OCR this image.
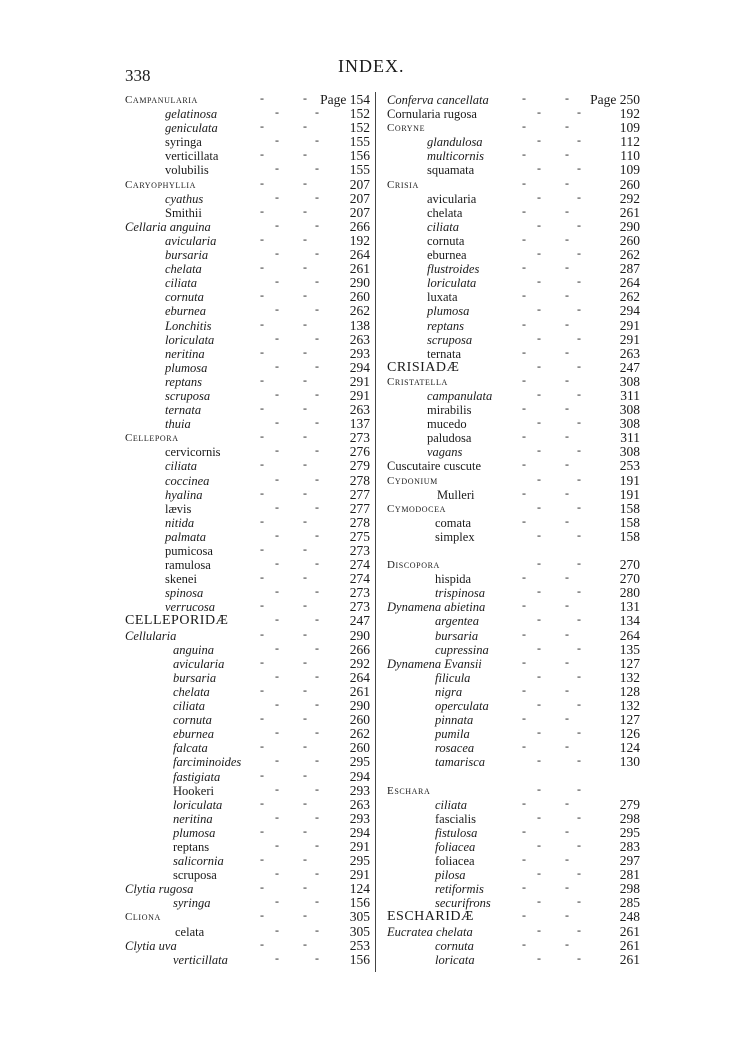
338	INDEX.
Campanularia	-	- Page 154
gelatinosa	-	- 152
geniculata	-	-	152
syringa	-	- 155
verticillata	-	-	156
volubilis	-	- 155
Caryophyllia	-	-	207
cyathus	-	- 207
Smithii	-	-	207
Cellaria anguina	-	- 266
avicularia	-	-	192
bursaria	-	- 264
chelata	-	-	261
ciliata	-	- 290
cornuta	-	-	260
eburnea	-	- 262
Lonchitis	-	-	138
loriculata	-	- 263
neritina	-	-	293
plumosa	-	- 294
reptans	-	-	291
scruposa	-	- 291
ternata	-	-	263
thuia	-	- 137
Cellepora	-	-	273
cervicornis	-	- 276
ciliata	-	-	279
coccinea	-	- 278
hyalina	-	-	277
lævis	-	- 277
nitida	-	-	278
palmata	-	- 275
pumicosa	-	-	273
ramulosa	-	- 274
skenei	-	-	274
spinosa	-	- 273
verrucosa	-	-	273
CELLEPORIDÆ	-	- 247
Cellularia	-	-	290
anguina	-	- 266
avicularia	-	-	292
bursaria	-	- 264
chelata	-	-	261
ciliata	-	- 290
cornuta	-	-	260
eburnea	-	- 262
falcata	-	-	260
farciminoides	-	- 295
fastigiata	-	-	294
Hookeri	-	- 293
loriculata	-	-	263
neritina	-	- 293
plumosa	-	-	294
reptans	-	- 291
salicornia	-	-	295
scruposa	-	- 291
Clytia rugosa	-	-	124
syringa	-	- 156
Cliona	-	-	305
celata	-	- 305
Clytia uva	-	-	253
verticillata	-	- 156
Conferva cancellata	-	- Page 250
Cornularia rugosa	-	-	192
Coryne	-	-	109
glandulosa	-	-	112
multicornis	-	-	110
squamata	-	-	109
Crisia	-	-	260
avicularia	-	-	292
chelata	-	-	261
ciliata	-	-	290
cornuta	-	-	260
eburnea	-	-	262
flustroides	-	-	287
loriculata	-	-	264
luxata	-	-	262
plumosa	-	-	294
reptans	-	-	291
scruposa	-	-	291
ternata	-	-	263
CRISIADÆ	-	-	247
Cristatella	-	-	308
campanulata	-	-	311
mirabilis	-	-	308
mucedo	-	-	308
paludosa	-	-	311
vagans	-	-	308
Cuscutaire cuscute	-	-	253
Cydonium	-	-	191
Mulleri	-	-	191
Cymodocea	-	-	158
comata	-	-	158
simplex	-	-	158
Discopora	-	-	270
hispida	-	-	270
trispinosa	-	-	280
Dynamena abietina	-	-	131
argentea	-	-	134
bursaria	-	-	264
cupressina	-	-	135
Dynamena Evansii	-	-	127
filicula	-	-	132
nigra	-	-	128
operculata	-	-	132
pinnata	-	-	127
pumila	-	-	126
rosacea	-	-	124
tamarisca	-	-	130
Eschara	-	-
ciliata	-	-	279
fascialis	-	-	298
fistulosa	-	-	295
foliacea	-	-	283
foliacea	-	-	297
pilosa	-	-	281
retiformis	-	-	298
securifrons	-	-	285
ESCHARIDÆ	-	-	248
Eucratea chelata	-	-	261
cornuta	-	-	261
loricata	-	-	261
